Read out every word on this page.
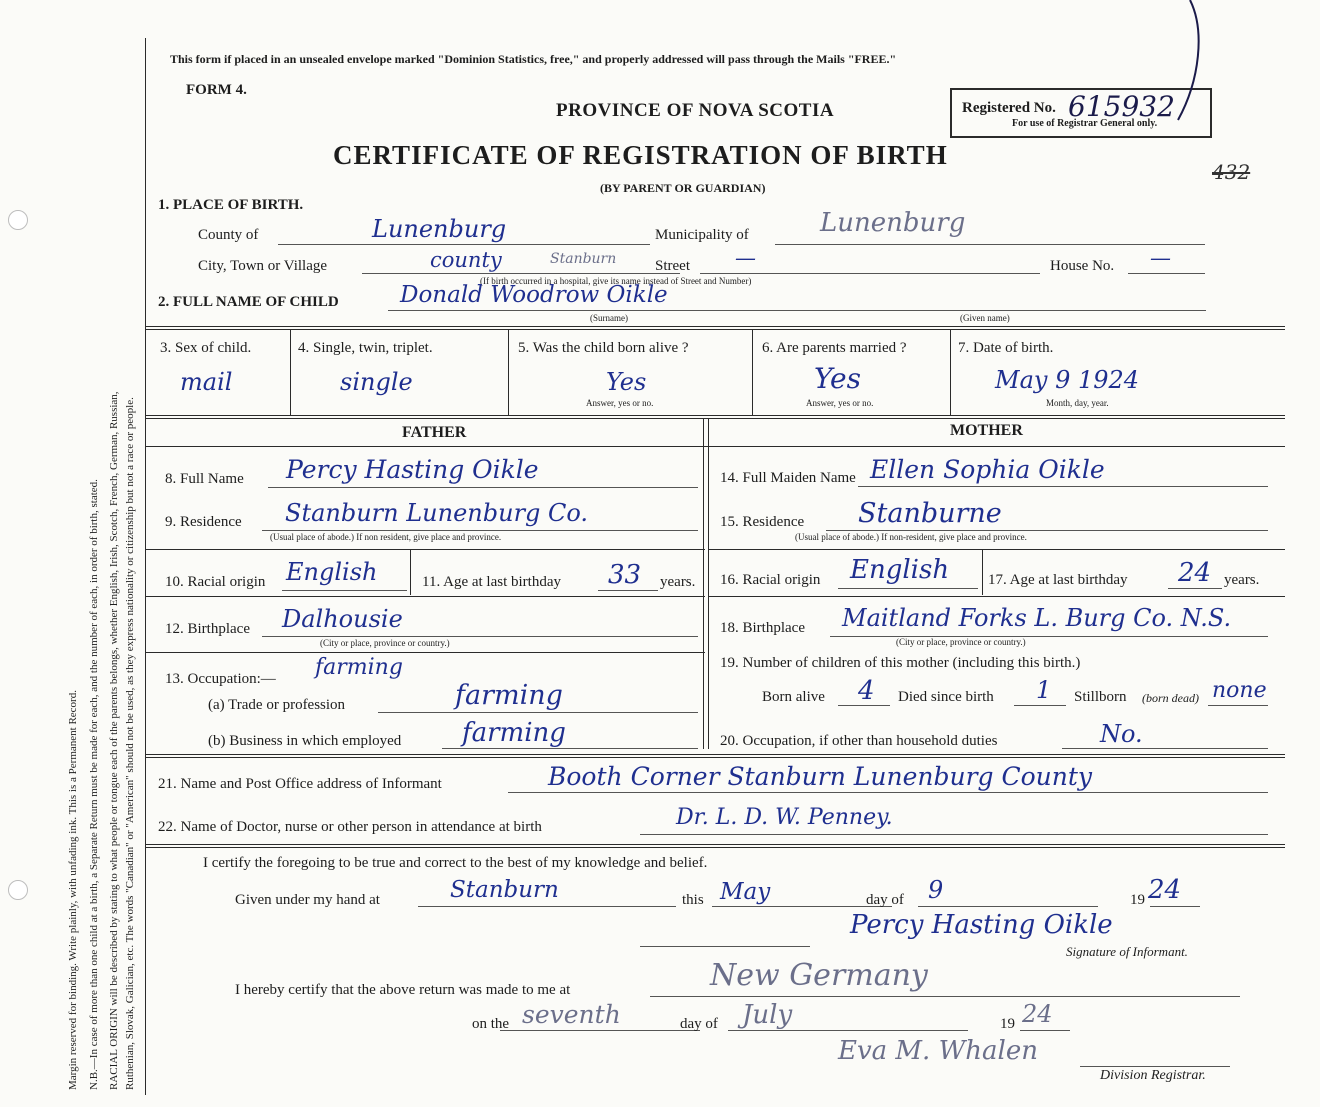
Margin reserved for binding. Write plainly, with unfading ink. This is a Permanent Record. N.B.—In case of more than one child at a birth, a Separate Return must be made for each, and the number of each, in order of birth, stated. RACIAL ORIGIN will be described by stating to what people or tongue each of the parents belongs, whether English, Irish, Scotch, French, German, Russian, Ruthenian, Slovak, Galician, etc. The words "Canadian" or "American" should not be used, as they express nationality or citizenship but not a race or people.
This form if placed in an unsealed envelope marked "Dominion Statistics, free," and properly addressed will pass through the Mails "FREE."
FORM 4.
PROVINCE OF NOVA SCOTIA
CERTIFICATE OF REGISTRATION OF BIRTH
(BY PARENT OR GUARDIAN)
Registered No. 615932
For use of Registrar General only.
432
1. PLACE OF BIRTH.
County of	Lunenburg	Municipality of	Lunenburg
City, Town or Village	county	Stanburn	Street —	House No. —
(If birth occurred in a hospital, give its name instead of Street and Number)
2. FULL NAME OF CHILD	Donald Woodrow Oikle
(Surname)	(Given name)
3. Sex of child.
mail
4. Single, twin, triplet.
single
5. Was the child born alive ?
Yes
Answer, yes or no.
6. Are parents married ?
Yes
Answer, yes or no.
7. Date of birth.
May 9 1924
Month, day, year.
FATHER	MOTHER
8. Full Name Percy Hasting Oikle
9. Residence Stanburn Lunenburg Co.
(Usual place of abode.) If non resident, give place and province.
10. Racial origin English	11. Age at last birthday 33 years.
12. Birthplace Dalhousie
(City or place, province or country.)
13. Occupation:— farming
(a) Trade or profession	farming
(b) Business in which employed farming
14. Full Maiden Name Ellen Sophia Oikle
15. Residence Stanburne
(Usual place of abode.) If non-resident, give place and province.
16. Racial origin English	17. Age at last birthday 24 years.
18. Birthplace Maitland Forks L. Burg Co. N.S.
(City or place, province or country.)
19. Number of children of this mother (including this birth.)
Born alive 4 Died since birth 1 Stillborn (born dead) none
20. Occupation, if other than household duties	No.
21. Name and Post Office address of Informant	Booth Corner Stanburn Lunenburg County
22. Name of Doctor, nurse or other person in attendance at birth	Dr. L. D. W. Penney.
I certify the foregoing to be true and correct to the best of my knowledge and belief.
Given under my hand at	Stanburn	this May	day of 9	19 24
Percy Hasting Oikle
Signature of Informant.
I hereby certify that the above return was made to me at	New Germany
on the seventh	day of July	19 24
Eva M. Whalen
Division Registrar.
